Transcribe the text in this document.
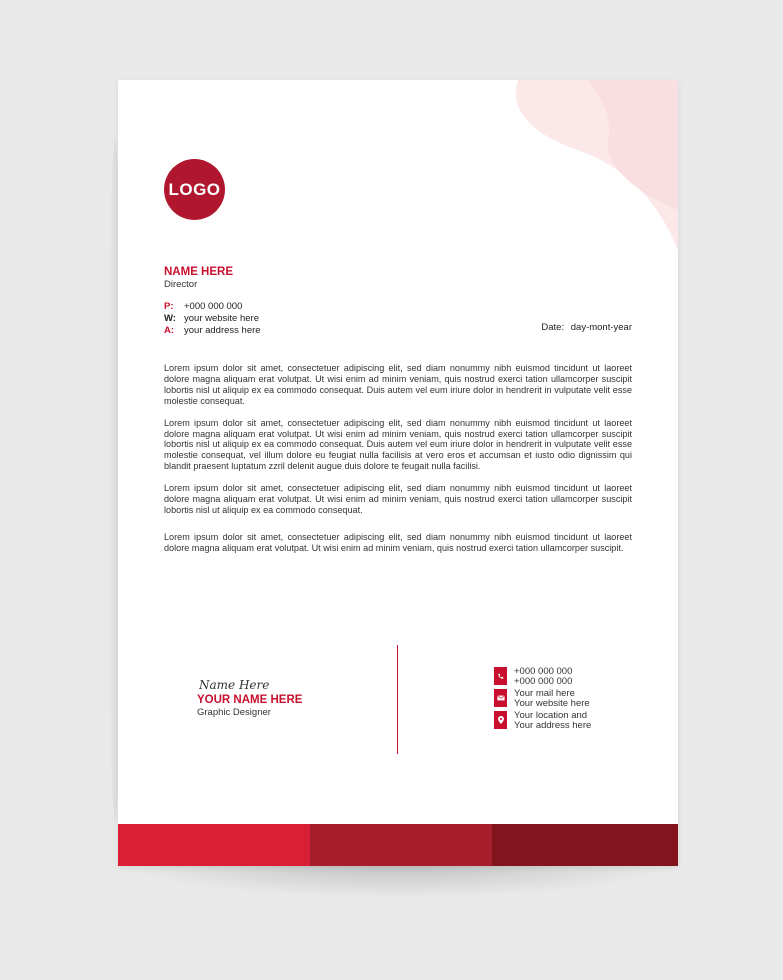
LOGO
NAME HERE
Director
P:	+000 000 000
W: your website here
A:	your address here	Date: day-mont-year

Lorem ipsum dolor sit amet, consectetuer adipiscing elit, sed diam nonummy nibh euismod tincidunt ut laoreet dolore magna aliquam erat volutpat. Ut wisi enim ad minim veniam, quis nostrud exerci tation ullamcorper suscipit lobortis nisl ut aliquip ex ea commodo consequat. Duis autem vel eum iriure dolor in hendrerit in vulputate velit esse molestie consequat.

Lorem ipsum dolor sit amet, consectetuer adipiscing elit, sed diam nonummy nibh euismod tincidunt ut laoreet dolore magna aliquam erat volutpat. Ut wisi enim ad minim veniam, quis nostrud exerci tation ullamcorper suscipit lobortis nisl ut aliquip ex ea commodo consequat. Duis autem vel eum iriure dolor in hendrerit in vulputate velit esse molestie consequat, vel illum dolore eu feugiat nulla facilisis at vero eros et accumsan et iusto odio dignissim qui blandit praesent luptatum zzril delenit augue duis dolore te feugait nulla facilisi.

Lorem ipsum dolor sit amet, consectetuer adipiscing elit, sed diam nonummy nibh euismod tincidunt ut laoreet dolore magna aliquam erat volutpat. Ut wisi enim ad minim veniam, quis nostrud exerci tation ullamcorper suscipit lobortis nisl ut aliquip ex ea commodo consequat.

Lorem ipsum dolor sit amet, consectetuer adipiscing elit, sed diam nonummy nibh euismod tincidunt ut laoreet dolore magna aliquam erat volutpat. Ut wisi enim ad minim veniam, quis nostrud exerci tation ullamcorper suscipit.

Name Here
YOUR NAME HERE
Graphic Designer
+000 000 000
+000 000 000
Your mail here
Your website here
Your location and
Your address here
